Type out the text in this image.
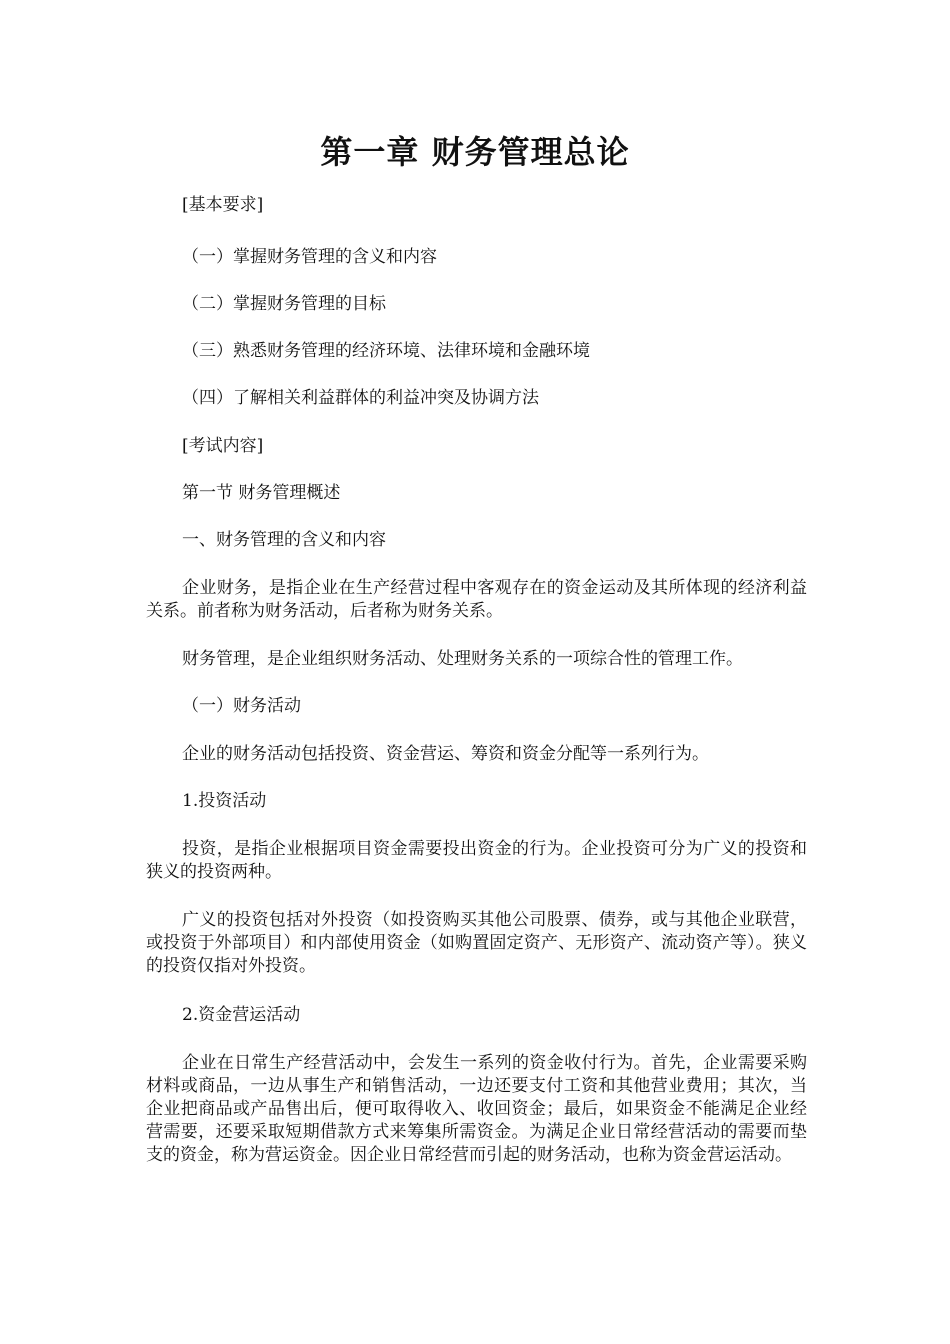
第一章 财务管理总论

[基本要求]

（一）掌握财务管理的含义和内容

（二）掌握财务管理的目标

（三）熟悉财务管理的经济环境、法律环境和金融环境

（四）了解相关利益群体的利益冲突及协调方法

[考试内容]

第一节 财务管理概述

一、财务管理的含义和内容

企业财务，是指企业在生产经营过程中客观存在的资金运动及其所体现的经济利益关系。前者称为财务活动，后者称为财务关系。

财务管理，是企业组织财务活动、处理财务关系的一项综合性的管理工作。

（一）财务活动

企业的财务活动包括投资、资金营运、筹资和资金分配等一系列行为。

1.投资活动

投资，是指企业根据项目资金需要投出资金的行为。企业投资可分为广义的投资和狭义的投资两种。

广义的投资包括对外投资（如投资购买其他公司股票、债券，或与其他企业联营，或投资于外部项目）和内部使用资金（如购置固定资产、无形资产、流动资产等）。狭义的投资仅指对外投资。

2.资金营运活动

企业在日常生产经营活动中，会发生一系列的资金收付行为。首先，企业需要采购材料或商品，一边从事生产和销售活动，一边还要支付工资和其他营业费用；其次，当企业把商品或产品售出后，便可取得收入、收回资金；最后，如果资金不能满足企业经营需要，还要采取短期借款方式来筹集所需资金。为满足企业日常经营活动的需要而垫支的资金，称为营运资金。因企业日常经营而引起的财务活动，也称为资金营运活动。
